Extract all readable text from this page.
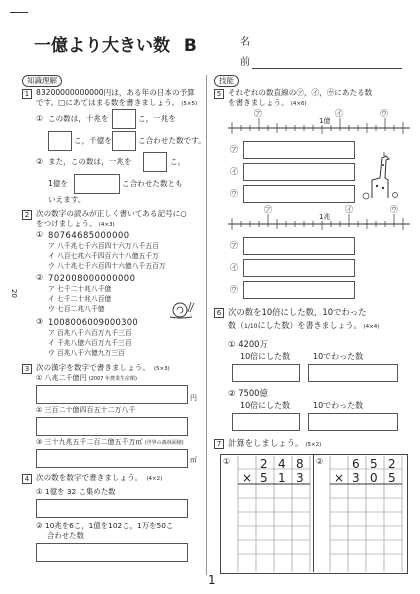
一億より大きい数 B	名
前
20
知識理解
1 83200000000000円は，ある年の日本の予算
です。□にあてはまる数を書きましょう。 (5×5)
① この数は，十兆を	こ，一兆を
こ，千億を	こ合わせた数です。
② また，この数は，一兆を	こ，
1億を	こ合わせた数とも
いえます。
2 次の数字の読みが正しく書いてある記号に○
をつけましょう。 (4×3)
① 80764685000000
ア 八千兆七千六百四十六万八千五百
イ 八百七兆六千四百六十八億五千万
ウ 八十兆七千六百四十六億八千五百万
② 702008000000000
ア 七千二十兆八千億
イ 七千二十兆八百億
ウ 七百二兆八千億
③ 1008006009000300
ア 百兆八千六百万九千三百
イ 千兆八億六百万九千三百
ウ 百兆八千六億九万三百
3 次の漢字を数字で書きましょう。 (5×3)
① 八兆二千億円 (2007 年農業生産額)
円
② 三百二十億四百五十二万八千
③ 三十九兆五千二百二億五千万㎡ (世界の森林面積)
㎡
4 次の数を数字で書きましょう。 (4×2)
① 1億を 32 こ集めた数
② 10兆を6こ，1億を102こ，1万を50こ
合わせた数
技能
5 それぞれの数直線の㋐，㋑，㋒にあたる数
を書きましょう。 (4×6)
㋐	㋑	㋒
1億
㋐
㋑
㋒
㋐	㋑	㋒
1兆
㋐
㋑
㋒
6 次の数を10倍にした数，10でわった
数（1/10にした数）を書きましょう。 (4×4)
① 4200万
10倍にした数	10でわった数
② 7500億
10倍にした数	10でわった数
7 計算をしましょう。 (5×2)
①	②
2 4 8
× 5 1 3
6 5 2
× 3 0 5
1
